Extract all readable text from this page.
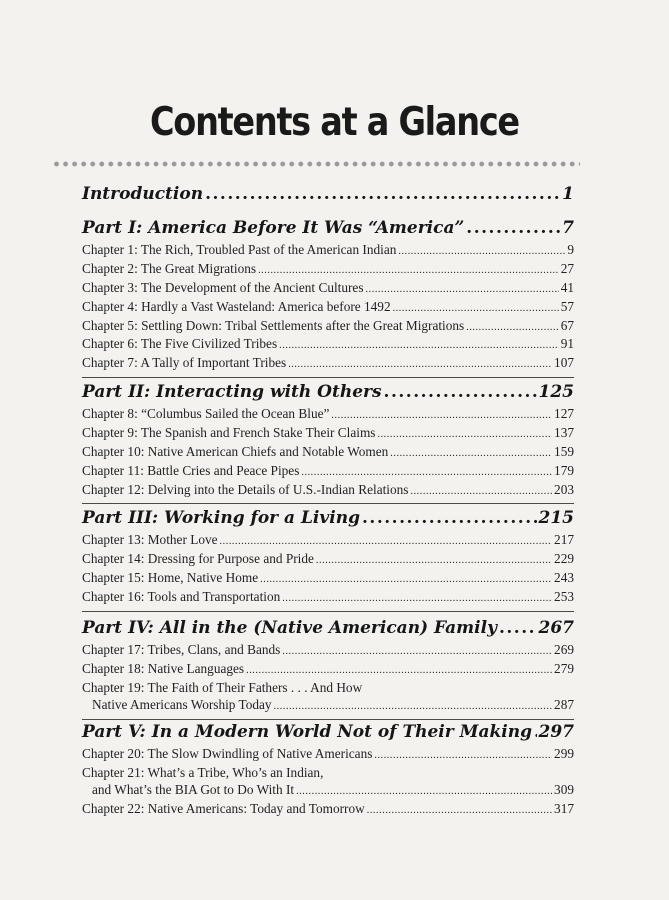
Contents at a Glance
Introduction .....	1
Part I: America Before It Was “America” .....	7
Chapter 1: The Rich, Troubled Past of the American Indian .....	9
Chapter 2: The Great Migrations .....	27
Chapter 3: The Development of the Ancient Cultures .....	41
Chapter 4: Hardly a Vast Wasteland: America before 1492 .....	57
Chapter 5: Settling Down: Tribal Settlements after the Great Migrations .....	67
Chapter 6: The Five Civilized Tribes .....	91
Chapter 7: A Tally of Important Tribes .....	107
Part II: Interacting with Others .....	125
Chapter 8: “Columbus Sailed the Ocean Blue” .....	127
Chapter 9: The Spanish and French Stake Their Claims .....	137
Chapter 10: Native American Chiefs and Notable Women .....	159
Chapter 11: Battle Cries and Peace Pipes .....	179
Chapter 12: Delving into the Details of U.S.-Indian Relations .....	203
Part III: Working for a Living .....	215
Chapter 13: Mother Love .....	217
Chapter 14: Dressing for Purpose and Pride .....	229
Chapter 15: Home, Native Home .....	243
Chapter 16: Tools and Transportation .....	253
Part IV: All in the (Native American) Family ..... 267
Chapter 17: Tribes, Clans, and Bands .....	269
Chapter 18: Native Languages .....	279
Chapter 19: The Faith of Their Fathers . . . And How
Native Americans Worship Today .....	287
Part V: In a Modern World Not of Their Making ..... 297
Chapter 20: The Slow Dwindling of Native Americans .....	299
Chapter 21: What’s a Tribe, Who’s an Indian,
and What’s the BIA Got to Do With It .....	309
Chapter 22: Native Americans: Today and Tomorrow .....	317
